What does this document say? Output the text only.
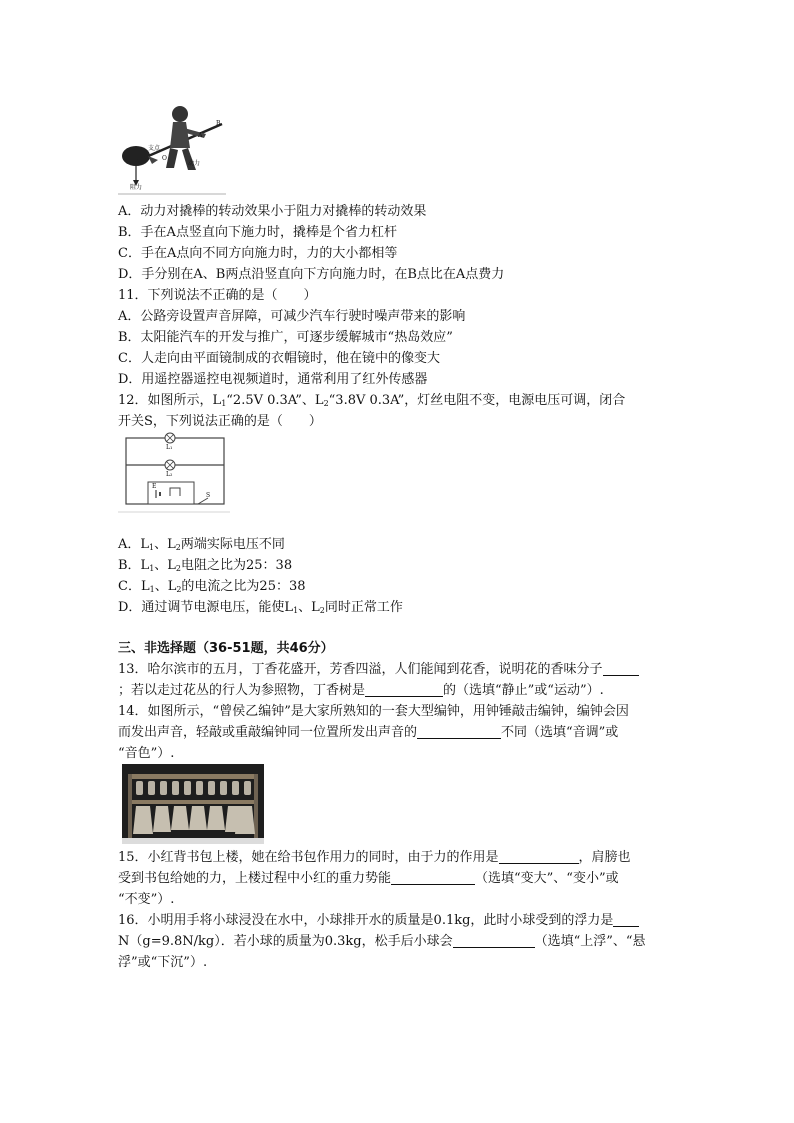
支点
B
A
O
动力
阻力
A．动力对撬棒的转动效果小于阻力对撬棒的转动效果
B．手在A点竖直向下施力时，撬棒是个省力杠杆
C．手在A点向不同方向施力时，力的大小都相等
D．手分别在A、B两点沿竖直向下方向施力时，在B点比在A点费力
11．下列说法不正确的是（　　）
A．公路旁设置声音屏障，可减少汽车行驶时噪声带来的影响
B．太阳能汽车的开发与推广，可逐步缓解城市“热岛效应”
C．人走向由平面镜制成的衣帽镜时，他在镜中的像变大
D．用遥控器遥控电视频道时，通常利用了红外传感器
12．如图所示，$L_1“2.5V$ 0.3A”、$L_2“3.8V$ 0.3A”，灯丝电阻不变，电源电压可调，闭合
开关S，下列说法正确的是（　　）
L₁
L₂
E
S
A．$L_1$、$L_2$两端实际电压不同
B．$L_1$、$L_2$电阻之比为25：38
C．$L_1$、$L_2$的电流之比为25：38
D．通过调节电源电压，能使$L_1$、$L_2$同时正常工作
三、非选择题（36-51题，共46分）
13．哈尔滨市的五月，丁香花盛开，芳香四溢，人们能闻到花香，说明花的香味分子
；若以走过花丛的行人为参照物，丁香树是	的（选填“静止”或“运动”）.
14．如图所示，“曾侯乙编钟”是大家所熟知的一套大型编钟，用钟锤敲击编钟，编钟会因
而发出声音，轻敲或重敲编钟同一位置所发出声音的	不同（选填“音调”或
“音色”）.
15．小红背书包上楼，她在给书包作用力的同时，由于力的作用是	，肩膀也
受到书包给她的力，上楼过程中小红的重力势能	（选填“变大”、“变小”或
“不变”）.
16．小明用手将小球浸没在水中，小球排开水的质量是0.1kg，此时小球受到的浮力是
N（g=9.8N/kg）．若小球的质量为0.3kg，松手后小球会	（选填“上浮”、“悬
浮”或“下沉”）.
